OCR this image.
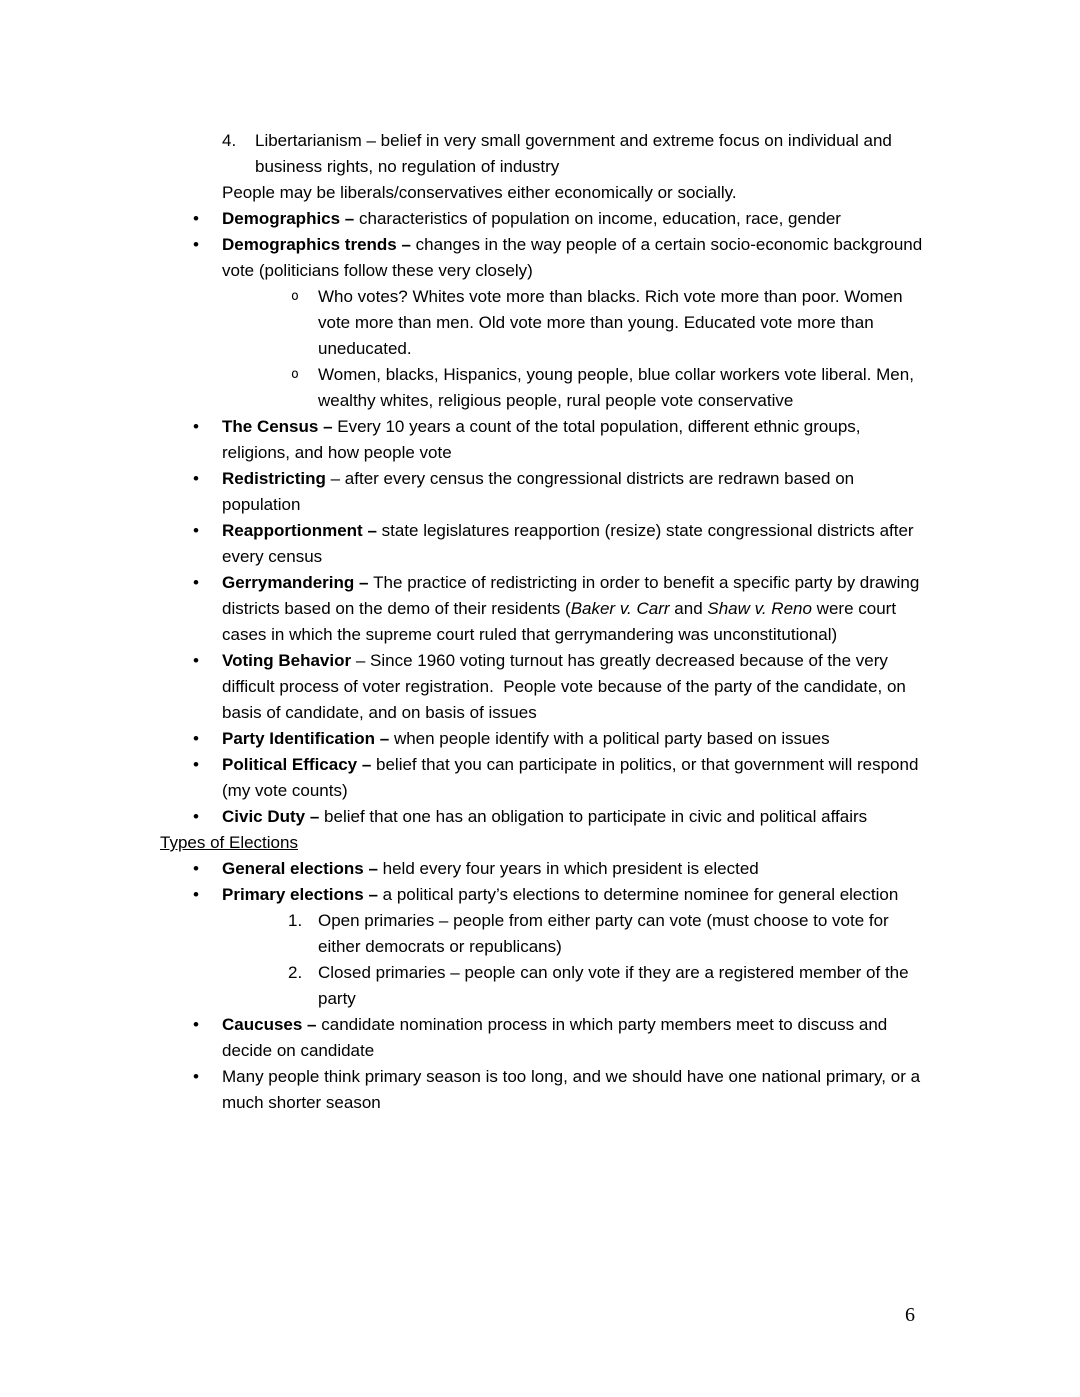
4. Libertarianism – belief in very small government and extreme focus on individual and business rights, no regulation of industry
People may be liberals/conservatives either economically or socially.
• Demographics – characteristics of population on income, education, race, gender
• Demographics trends – changes in the way people of a certain socio-economic background vote (politicians follow these very closely)
o Who votes? Whites vote more than blacks. Rich vote more than poor. Women vote more than men. Old vote more than young. Educated vote more than uneducated.
o Women, blacks, Hispanics, young people, blue collar workers vote liberal. Men, wealthy whites, religious people, rural people vote conservative
• The Census – Every 10 years a count of the total population, different ethnic groups, religions, and how people vote
• Redistricting – after every census the congressional districts are redrawn based on population
• Reapportionment – state legislatures reapportion (resize) state congressional districts after every census
• Gerrymandering – The practice of redistricting in order to benefit a specific party by drawing districts based on the demo of their residents (Baker v. Carr and Shaw v. Reno were court cases in which the supreme court ruled that gerrymandering was unconstitutional)
• Voting Behavior – Since 1960 voting turnout has greatly decreased because of the very difficult process of voter registration.  People vote because of the party of the candidate, on basis of candidate, and on basis of issues
• Party Identification – when people identify with a political party based on issues
• Political Efficacy – belief that you can participate in politics, or that government will respond (my vote counts)
• Civic Duty – belief that one has an obligation to participate in civic and political affairs
Types of Elections
• General elections – held every four years in which president is elected
• Primary elections – a political party’s elections to determine nominee for general election
1. Open primaries – people from either party can vote (must choose to vote for either democrats or republicans)
2. Closed primaries – people can only vote if they are a registered member of the party
• Caucuses – candidate nomination process in which party members meet to discuss and decide on candidate
• Many people think primary season is too long, and we should have one national primary, or a much shorter season
6
